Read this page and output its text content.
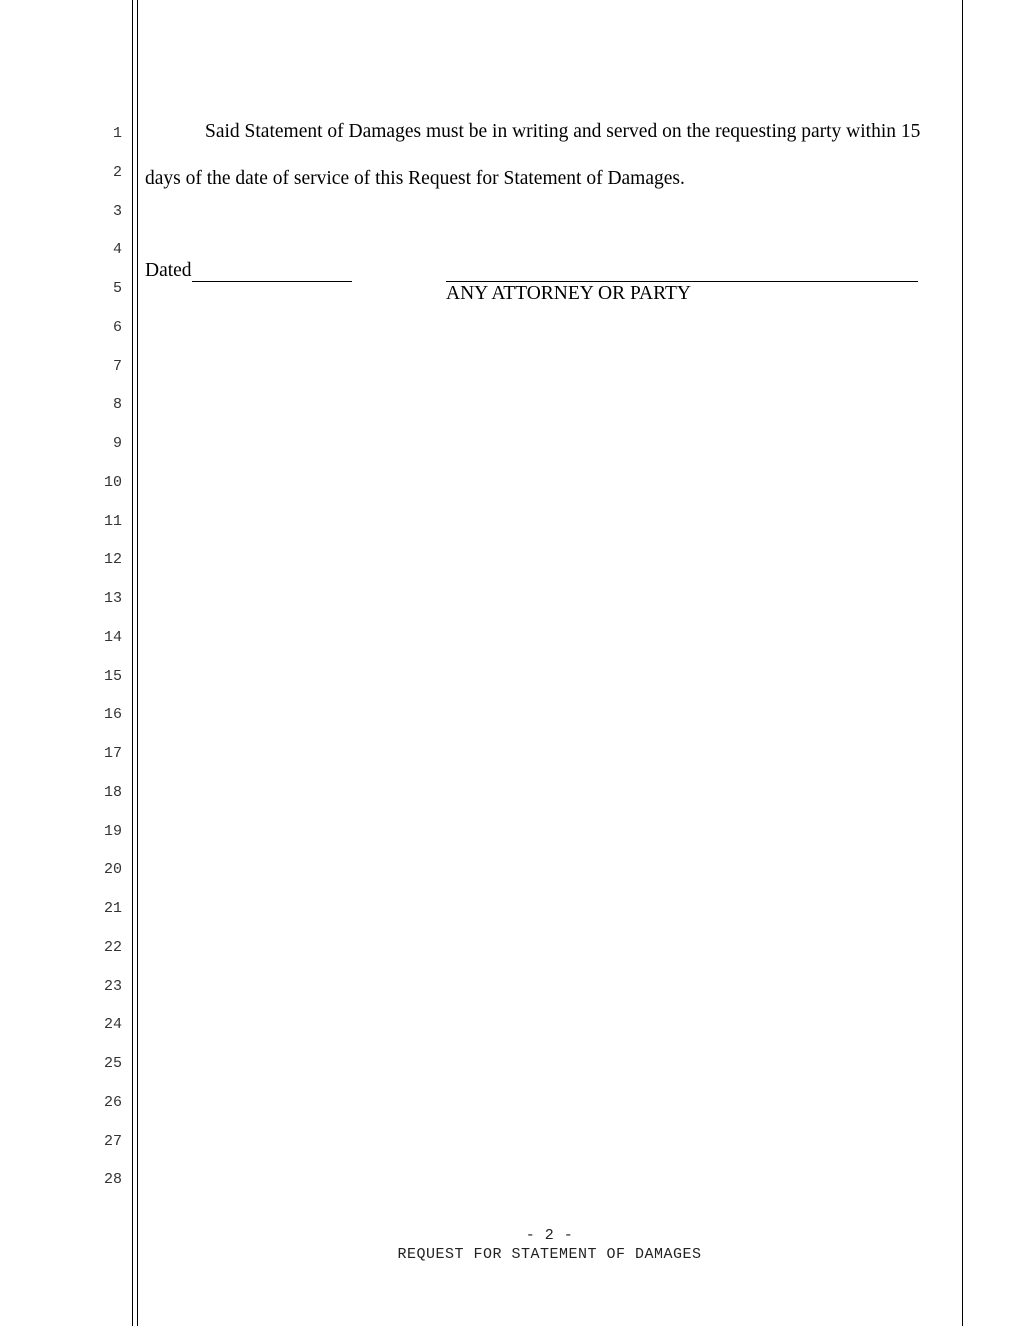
1
2
3
4
5
6
7
8
9
10
11
12
13
14
15
16
17
18
19
20
21
22
23
24
25
26
27
28
Said Statement of Damages must be in writing and served on the requesting party within 15
days of the date of service of this Request for Statement of Damages.
Dated
ANY ATTORNEY OR PARTY
- 2 -
REQUEST FOR STATEMENT OF DAMAGES
